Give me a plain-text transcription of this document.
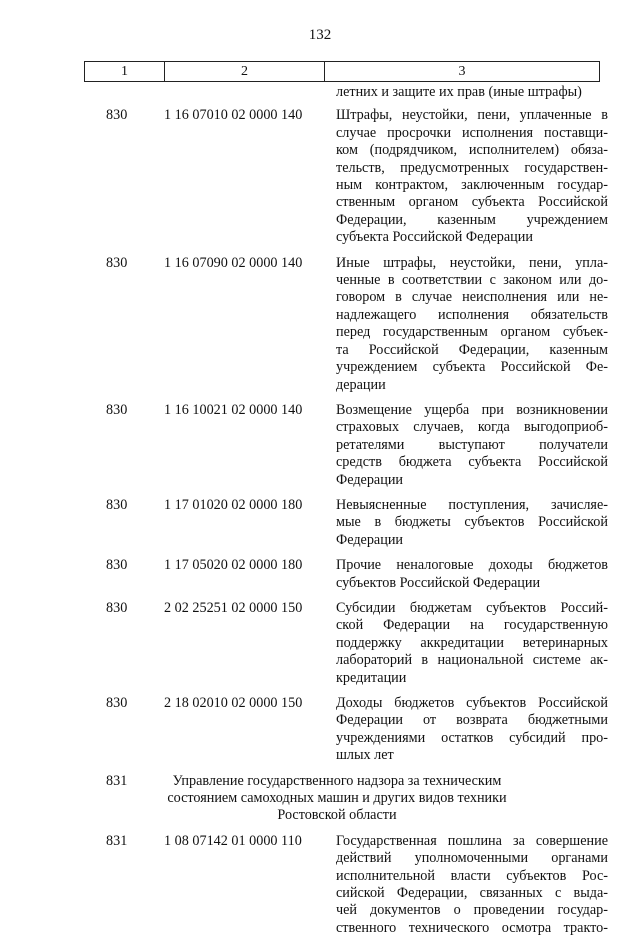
132
1	2	3
летних и защите их прав (иные штрафы)
830	1 16 07010 02 0000 140	Штрафы, неустойки, пени, уплаченные в
случае просрочки исполнения поставщи-
ком (подрядчиком, исполнителем) обяза-
тельств, предусмотренных государствен-
ным контрактом, заключенным государ-
ственным органом субъекта Российской
Федерации, казенным учреждением
субъекта Российской Федерации
830	1 16 07090 02 0000 140	Иные штрафы, неустойки, пени, упла-
ченные в соответствии с законом или до-
говором в случае неисполнения или не-
надлежащего исполнения обязательств
перед государственным органом субъек-
та Российской Федерации, казенным
учреждением субъекта Российской Фе-
дерации
830	1 16 10021 02 0000 140	Возмещение ущерба при возникновении
страховых случаев, когда выгодоприоб-
ретателями выступают получатели
средств бюджета субъекта Российской
Федерации
830	1 17 01020 02 0000 180	Невыясненные поступления, зачисляе-
мые в бюджеты субъектов Российской
Федерации
830	1 17 05020 02 0000 180	Прочие неналоговые доходы бюджетов
субъектов Российской Федерации
830	2 02 25251 02 0000 150	Субсидии бюджетам субъектов Россий-
ской Федерации на государственную
поддержку аккредитации ветеринарных
лабораторий в национальной системе ак-
кредитации
830	2 18 02010 02 0000 150	Доходы бюджетов субъектов Российской
Федерации от возврата бюджетными
учреждениями остатков субсидий про-
шлых лет
831	Управление государственного надзора за техническим
состоянием самоходных машин и других видов техники
Ростовской области
831	1 08 07142 01 0000 110	Государственная пошлина за совершение
действий уполномоченными органами
исполнительной власти субъектов Рос-
сийской Федерации, связанных с выда-
чей документов о проведении государ-
ственного технического осмотра тракто-
